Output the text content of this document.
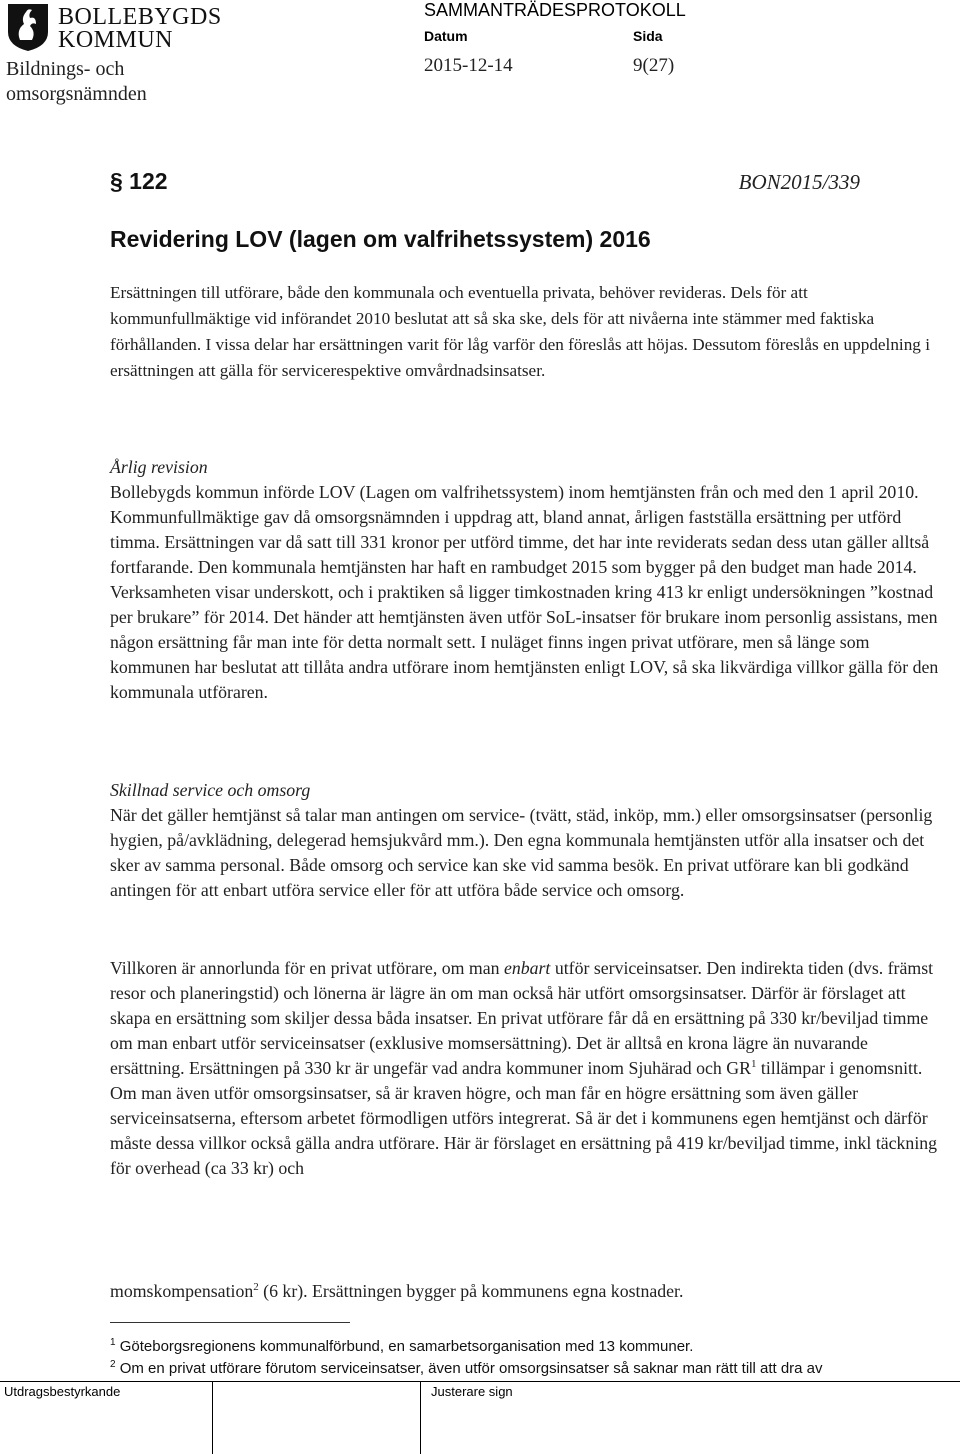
BOLLEBYGDS
KOMMUN
Bildnings- och
omsorgsnämnden
SAMMANTRÄDESPROTOKOLL
Datum	Sida
2015-12-14	9(27)
§ 122	BON2015/339
Revidering LOV (lagen om valfrihetssystem) 2016

Ersättningen till utförare, både den kommunala och eventuella privata, behöver revideras. Dels för att kommunfullmäktige vid införandet 2010 beslutat att så ska ske, dels för att nivåerna inte stämmer med faktiska förhållanden. I vissa delar har ersättningen varit för låg varför den föreslås att höjas. Dessutom föreslås en uppdelning i ersättningen att gälla för servicerespektive omvårdnadsinsatser.

Årlig revision

Bollebygds kommun införde LOV (Lagen om valfrihetssystem) inom hemtjänsten från och med den 1 april 2010. Kommunfullmäktige gav då omsorgsnämnden i uppdrag att, bland annat, årligen fastställa ersättning per utförd timma. Ersättningen var då satt till 331 kronor per utförd timme, det har inte reviderats sedan dess utan gäller alltså fortfarande. Den kommunala hemtjänsten har haft en rambudget 2015 som bygger på den budget man hade 2014. Verksamheten visar underskott, och i praktiken så ligger timkostnaden kring 413 kr enligt undersökningen ”kostnad per brukare” för 2014. Det händer att hemtjänsten även utför SoL-insatser för brukare inom personlig assistans, men någon ersättning får man inte för detta normalt sett. I nuläget finns ingen privat utförare, men så länge som kommunen har beslutat att tillåta andra utförare inom hemtjänsten enligt LOV, så ska likvärdiga villkor gälla för den kommunala utföraren.

Skillnad service och omsorg

När det gäller hemtjänst så talar man antingen om service- (tvätt, städ, inköp, mm.) eller omsorgsinsatser (personlig hygien, på/avklädning, delegerad hemsjukvård mm.). Den egna kommunala hemtjänsten utför alla insatser och det sker av samma personal. Både omsorg och service kan ske vid samma besök. En privat utförare kan bli godkänd antingen för att enbart utföra service eller för att utföra både service och omsorg.

Villkoren är annorlunda för en privat utförare, om man enbart utför serviceinsatser. Den indirekta tiden (dvs. främst resor och planeringstid) och lönerna är lägre än om man också här utfört omsorgsinsatser. Därför är förslaget att skapa en ersättning som skiljer dessa båda insatser. En privat utförare får då en ersättning på 330 kr/beviljad timme om man enbart utför serviceinsatser (exklusive momsersättning). Det är alltså en krona lägre än nuvarande ersättning. Ersättningen på 330 kr är ungefär vad andra kommuner inom Sjuhärad och $GR^1$ tillämpar i genomsnitt.

Om man även utför omsorgsinsatser, så är kraven högre, och man får en högre ersättning som även gäller serviceinsatserna, eftersom arbetet förmodligen utförs integrerat. Så är det i kommunens egen hemtjänst och därför måste dessa villkor också gälla andra utförare. Här är förslaget en ersättning på 419 kr/beviljad timme, inkl täckning för overhead (ca 33 kr) och

momskompensation$^2$ (6 kr). Ersättningen bygger på kommunens egna kostnader.

$^1$ Göteborgsregionens kommunalförbund, en samarbetsorganisation med 13 kommuner.
$^2$ Om en privat utförare förutom serviceinsatser, även utför omsorgsinsatser så saknar man rätt till att dra av
Utdragsbestyrkande	Justerare sign
